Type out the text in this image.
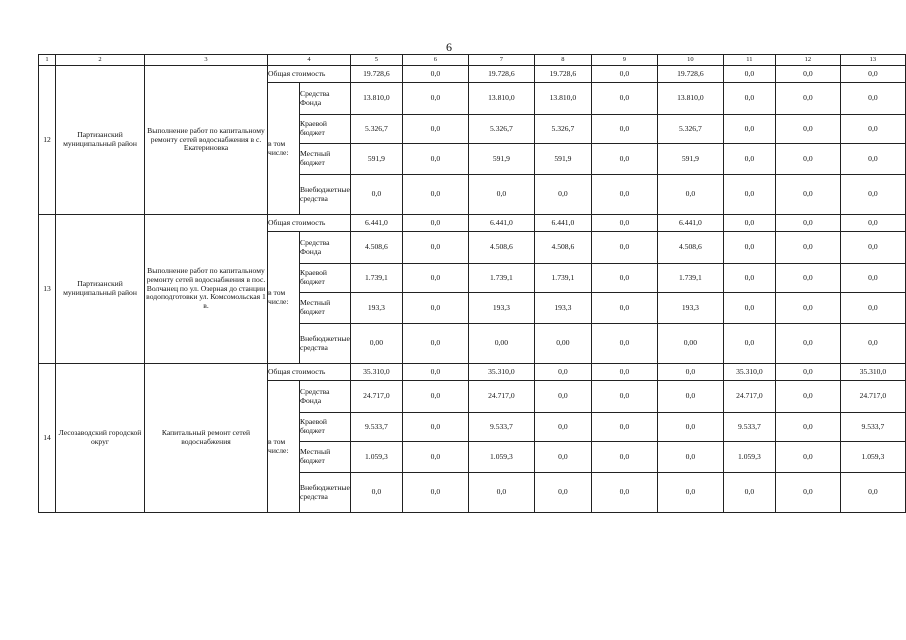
6
1	2	3	4		5	6	7	8	9	10	11	12	13
12	Партизанский муниципальный район	Выполнение работ по капитальному ремонту сетей водоснабжения в с. Екатериновка	Общая стоимость		19.728,6	0,0	19.728,6	19.728,6	0,0	19.728,6	0,0	0,0	0,0
			в том числе:	Средства Фонда	13.810,0	0,0	13.810,0	13.810,0	0,0	13.810,0	0,0	0,0	0,0
				Краевой бюджет	5.326,7	0,0	5.326,7	5.326,7	0,0	5.326,7	0,0	0,0	0,0
				Местный бюджет	591,9	0,0	591,9	591,9	0,0	591,9	0,0	0,0	0,0
				Внебюджетные средства	0,0	0,0	0,0	0,0	0,0	0,0	0,0	0,0	0,0
13	Партизанский муниципальный район	Выполнение работ по капитальному ремонту сетей водоснабжения в пос. Волчанец по ул. Озерная до станции водоподготовки ул. Комсомольская 1 в.	Общая стоимость		6.441,0	0,0	6.441,0	6.441,0	0,0	6.441,0	0,0	0,0	0,0
			в том числе:	Средства Фонда	4.508,6	0,0	4.508,6	4.508,6	0,0	4.508,6	0,0	0,0	0,0
				Краевой бюджет	1.739,1	0,0	1.739,1	1.739,1	0,0	1.739,1	0,0	0,0	0,0
				Местный бюджет	193,3	0,0	193,3	193,3	0,0	193,3	0,0	0,0	0,0
				Внебюджетные средства	0,00	0,0	0,00	0,00	0,0	0,00	0,0	0,0	0,0
14	Лесозаводский городской округ	Капитальный ремонт сетей водоснабжения	Общая стоимость		35.310,0	0,0	35.310,0	0,0	0,0	0,0	35.310,0	0,0	35.310,0
			в том числе:	Средства Фонда	24.717,0	0,0	24.717,0	0,0	0,0	0,0	24.717,0	0,0	24.717,0
				Краевой бюджет	9.533,7	0,0	9.533,7	0,0	0,0	0,0	9.533,7	0,0	9.533,7
				Местный бюджет	1.059,3	0,0	1.059,3	0,0	0,0	0,0	1.059,3	0,0	1.059,3
				Внебюджетные средства	0,0	0,0	0,0	0,0	0,0	0,0	0,0	0,0	0,0
